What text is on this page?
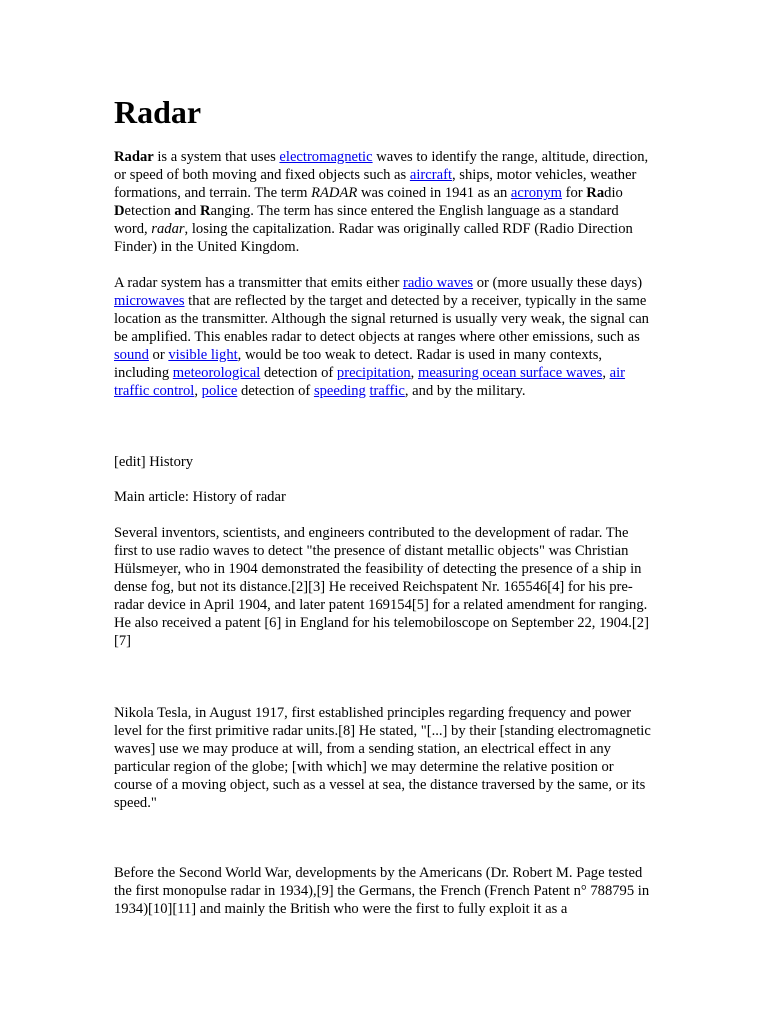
Radar

Radar is a system that uses electromagnetic waves to identify the range, altitude, direction, or speed of both moving and fixed objects such as aircraft, ships, motor vehicles, weather formations, and terrain. The term RADAR was coined in 1941 as an acronym for Radio Detection and Ranging. The term has since entered the English language as a standard word, radar, losing the capitalization. Radar was originally called RDF (Radio Direction Finder) in the United Kingdom.

A radar system has a transmitter that emits either radio waves or (more usually these days) microwaves that are reflected by the target and detected by a receiver, typically in the same location as the transmitter. Although the signal returned is usually very weak, the signal can be amplified. This enables radar to detect objects at ranges where other emissions, such as sound or visible light, would be too weak to detect. Radar is used in many contexts, including meteorological detection of precipitation, measuring ocean surface waves, air traffic control, police detection of speeding traffic, and by the military.

[edit] History

Main article: History of radar

Several inventors, scientists, and engineers contributed to the development of radar. The first to use radio waves to detect "the presence of distant metallic objects" was Christian Hülsmeyer, who in 1904 demonstrated the feasibility of detecting the presence of a ship in dense fog, but not its distance.[2][3] He received Reichspatent Nr. 165546[4] for his pre-radar device in April 1904, and later patent 169154[5] for a related amendment for ranging. He also received a patent [6] in England for his telemobiloscope on September 22, 1904.[2][7]

Nikola Tesla, in August 1917, first established principles regarding frequency and power level for the first primitive radar units.[8] He stated, "[...] by their [standing electromagnetic waves] use we may produce at will, from a sending station, an electrical effect in any particular region of the globe; [with which] we may determine the relative position or course of a moving object, such as a vessel at sea, the distance traversed by the same, or its speed."

Before the Second World War, developments by the Americans (Dr. Robert M. Page tested the first monopulse radar in 1934),[9] the Germans, the French (French Patent n° 788795 in 1934)[10][11] and mainly the British who were the first to fully exploit it as a
